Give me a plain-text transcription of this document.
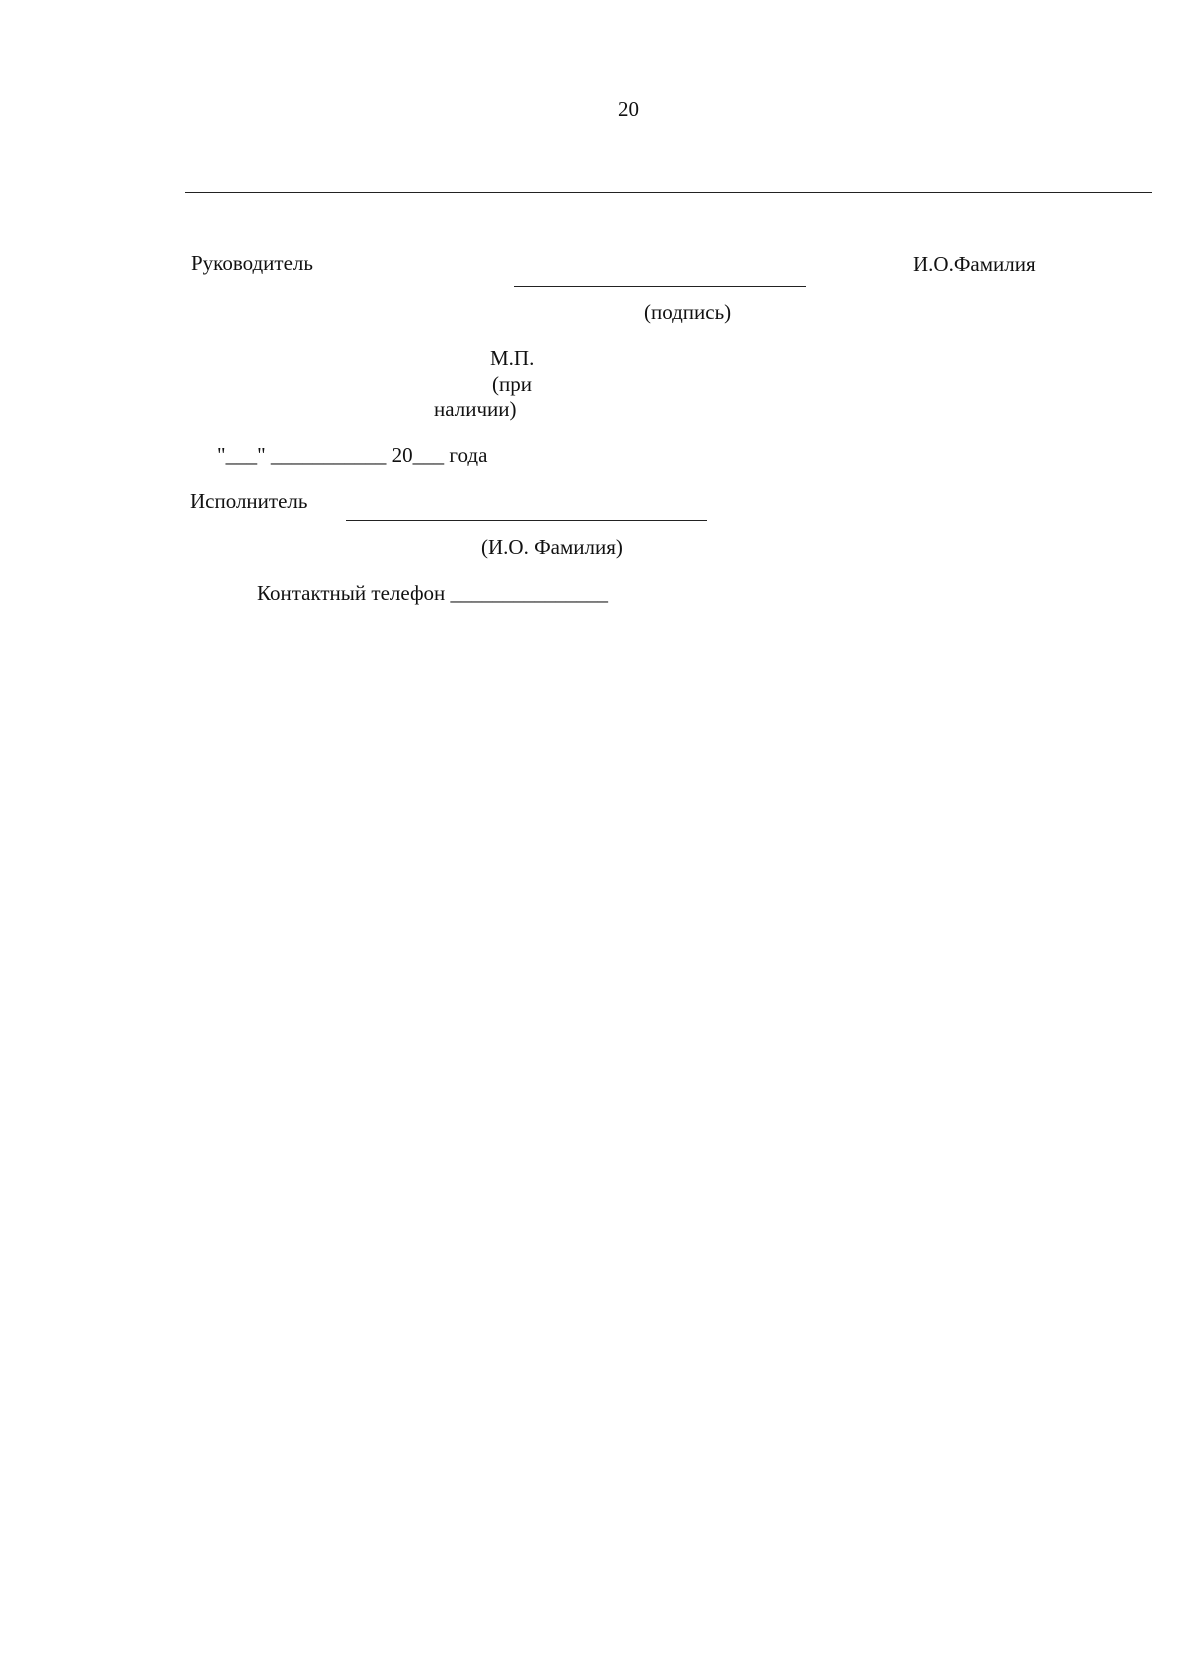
20
Руководитель	И.О.Фамилия
(подпись)
М.П.
(при
наличии)
"___" ___________ 20___ года
Исполнитель
(И.О. Фамилия)
Контактный телефон _______________
